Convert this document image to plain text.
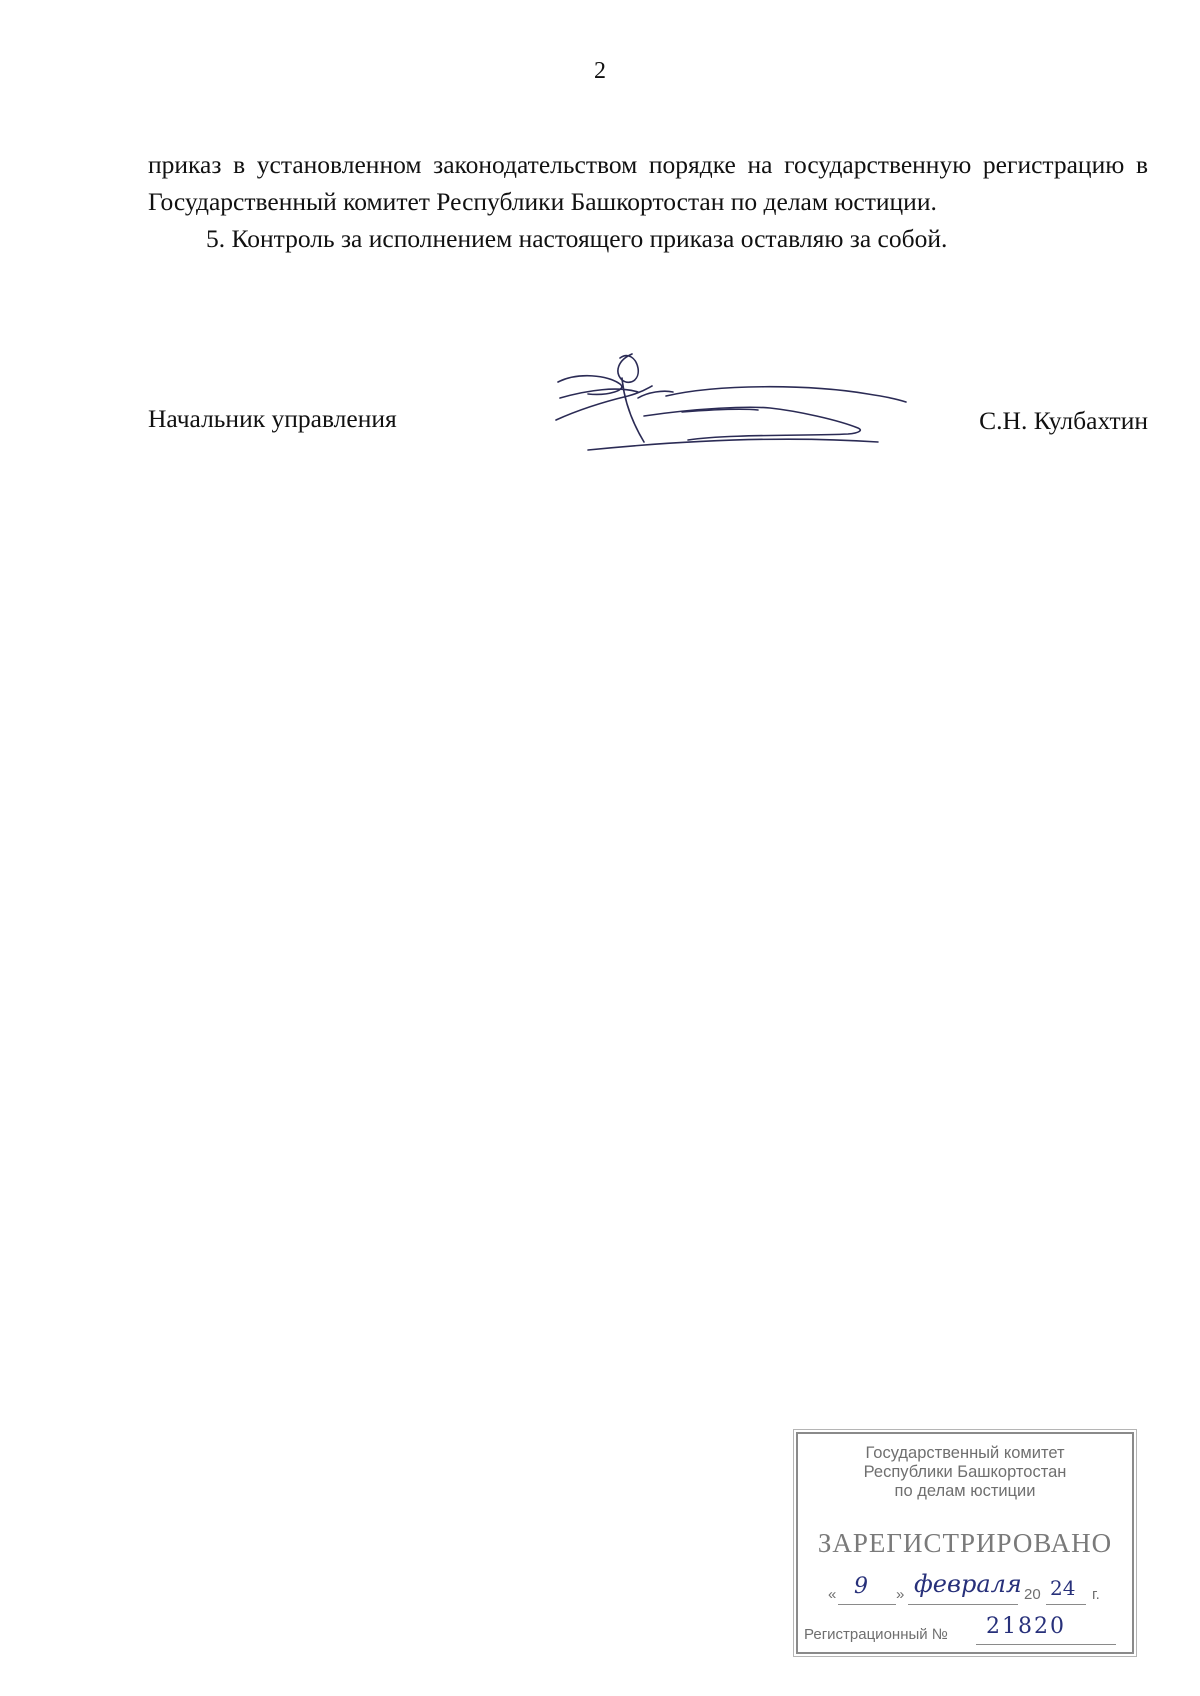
2

приказ в установленном законодательством порядке на государственную регистрацию в Государственный комитет Республики Башкортостан по делам юстиции.

5. Контроль за исполнением настоящего приказа оставляю за собой.

Начальник управления	С.Н. Кулбахтин
Государственный комитет
Республики Башкортостан
по делам юстиции
ЗАРЕГИСТРИРОВАНО
« 9 » февраля 20 24 г.
Регистрационный № 21820
